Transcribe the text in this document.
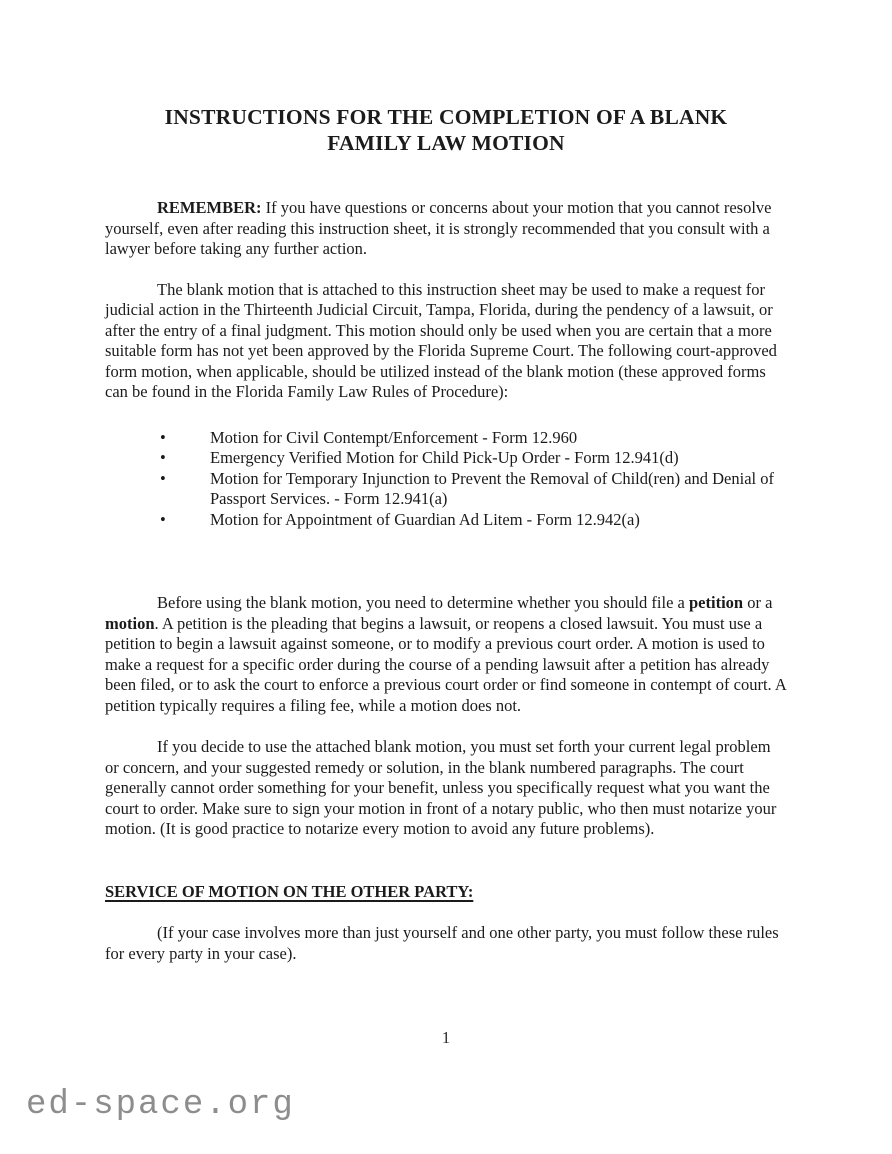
INSTRUCTIONS FOR THE COMPLETION OF A BLANK
FAMILY LAW MOTION

REMEMBER: If you have questions or concerns about your motion that you cannot resolve yourself, even after reading this instruction sheet, it is strongly recommended that you consult with a lawyer before taking any further action.

The blank motion that is attached to this instruction sheet may be used to make a request for judicial action in the Thirteenth Judicial Circuit, Tampa, Florida, during the pendency of a lawsuit, or after the entry of a final judgment. This motion should only be used when you are certain that a more suitable form has not yet been approved by the Florida Supreme Court. The following court-approved form motion, when applicable, should be utilized instead of the blank motion (these approved forms can be found in the Florida Family Law Rules of Procedure):

•	Motion for Civil Contempt/Enforcement - Form 12.960
•	Emergency Verified Motion for Child Pick-Up Order - Form 12.941(d)
•	Motion for Temporary Injunction to Prevent the Removal of Child(ren) and Denial of Passport Services. - Form 12.941(a)
•	Motion for Appointment of Guardian Ad Litem - Form 12.942(a)

Before using the blank motion, you need to determine whether you should file a petition or a motion. A petition is the pleading that begins a lawsuit, or reopens a closed lawsuit. You must use a petition to begin a lawsuit against someone, or to modify a previous court order. A motion is used to make a request for a specific order during the course of a pending lawsuit after a petition has already been filed, or to ask the court to enforce a previous court order or find someone in contempt of court. A petition typically requires a filing fee, while a motion does not.

If you decide to use the attached blank motion, you must set forth your current legal problem or concern, and your suggested remedy or solution, in the blank numbered paragraphs. The court generally cannot order something for your benefit, unless you specifically request what you want the court to order. Make sure to sign your motion in front of a notary public, who then must notarize your motion. (It is good practice to notarize every motion to avoid any future problems).

SERVICE OF MOTION ON THE OTHER PARTY:

(If your case involves more than just yourself and one other party, you must follow these rules for every party in your case).

1
ed-space.org
